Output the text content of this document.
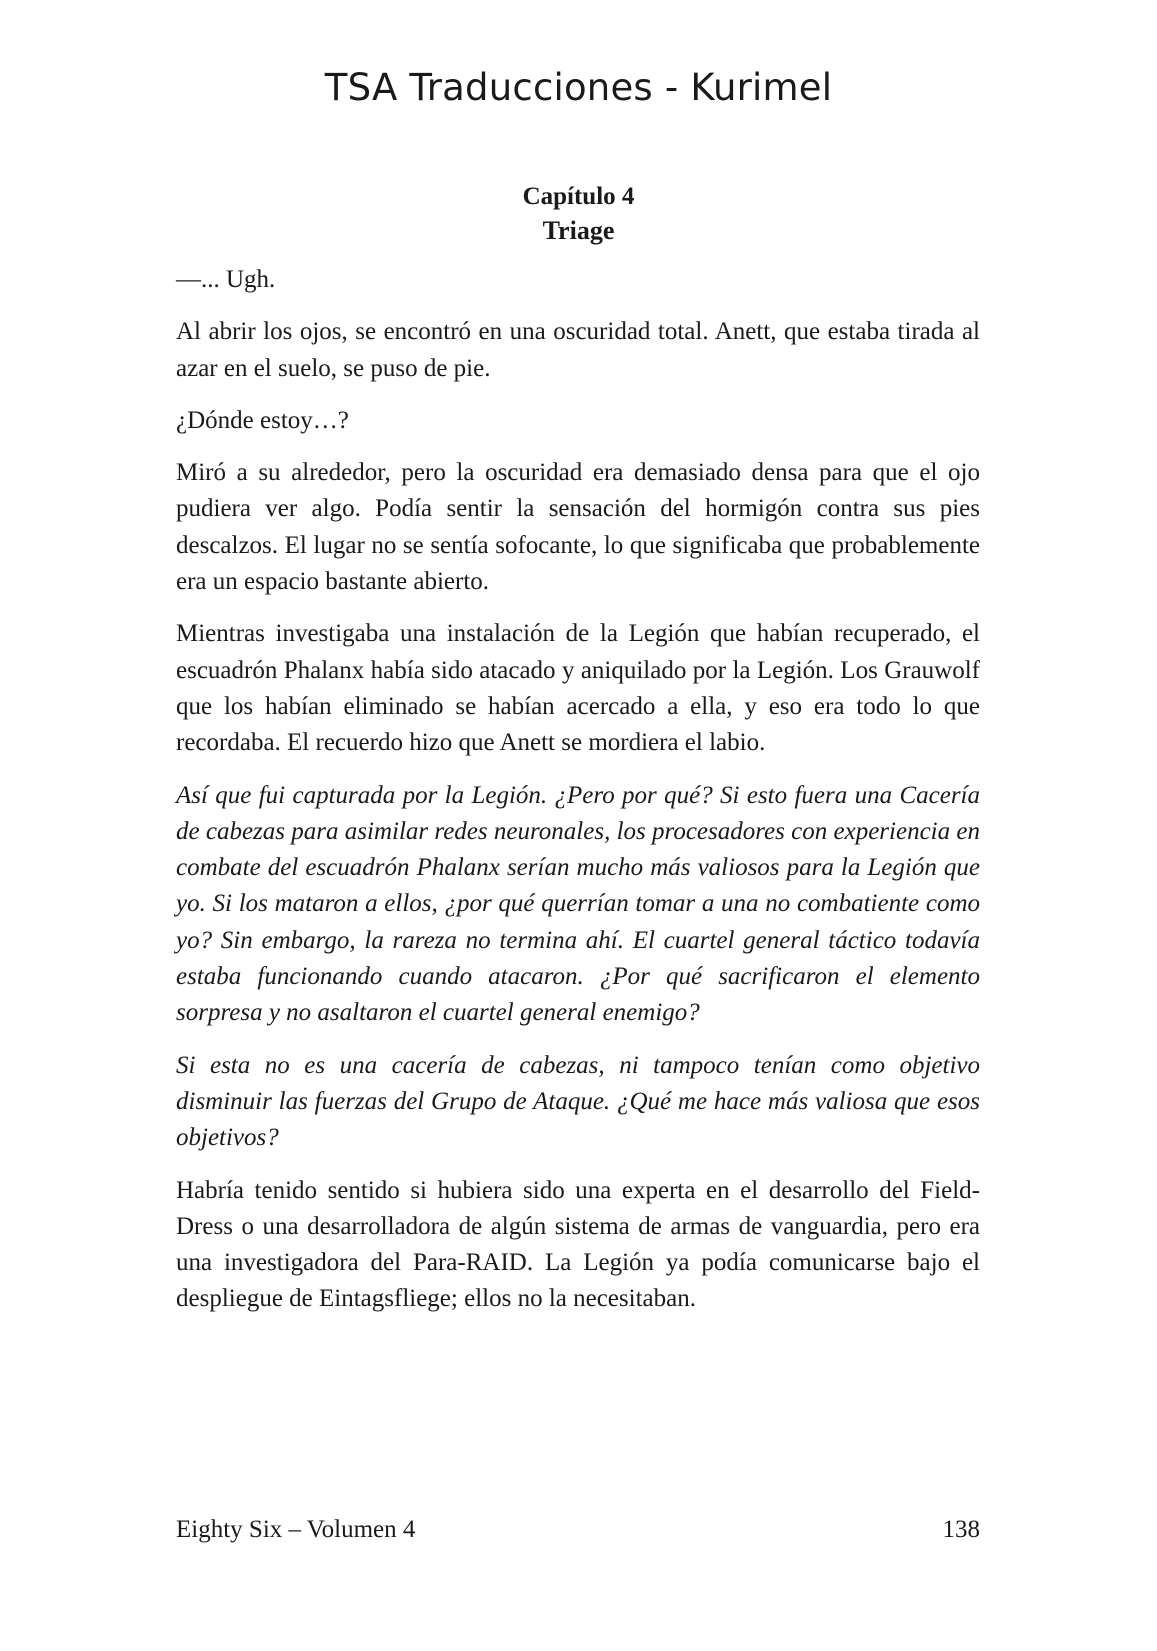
TSA Traducciones - Kurimel
Capítulo 4
Triage

—... Ugh.

Al abrir los ojos, se encontró en una oscuridad total. Anett, que estaba tirada al azar en el suelo, se puso de pie.

¿Dónde estoy…?

Miró a su alrededor, pero la oscuridad era demasiado densa para que el ojo pudiera ver algo. Podía sentir la sensación del hormigón contra sus pies descalzos. El lugar no se sentía sofocante, lo que significaba que probablemente era un espacio bastante abierto.

Mientras investigaba una instalación de la Legión que habían recuperado, el escuadrón Phalanx había sido atacado y aniquilado por la Legión. Los Grauwolf que los habían eliminado se habían acercado a ella, y eso era todo lo que recordaba. El recuerdo hizo que Anett se mordiera el labio.

Así que fui capturada por la Legión. ¿Pero por qué? Si esto fuera una Cacería de cabezas para asimilar redes neuronales, los procesadores con experiencia en combate del escuadrón Phalanx serían mucho más valiosos para la Legión que yo. Si los mataron a ellos, ¿por qué querrían tomar a una no combatiente como yo? Sin embargo, la rareza no termina ahí. El cuartel general táctico todavía estaba funcionando cuando atacaron. ¿Por qué sacrificaron el elemento sorpresa y no asaltaron el cuartel general enemigo?

Si esta no es una cacería de cabezas, ni tampoco tenían como objetivo disminuir las fuerzas del Grupo de Ataque. ¿Qué me hace más valiosa que esos objetivos?

Habría tenido sentido si hubiera sido una experta en el desarrollo del Field-Dress o una desarrolladora de algún sistema de armas de vanguardia, pero era una investigadora del Para-RAID. La Legión ya podía comunicarse bajo el despliegue de Eintagsfliege; ellos no la necesitaban.

Eighty Six – Volumen 4	138
